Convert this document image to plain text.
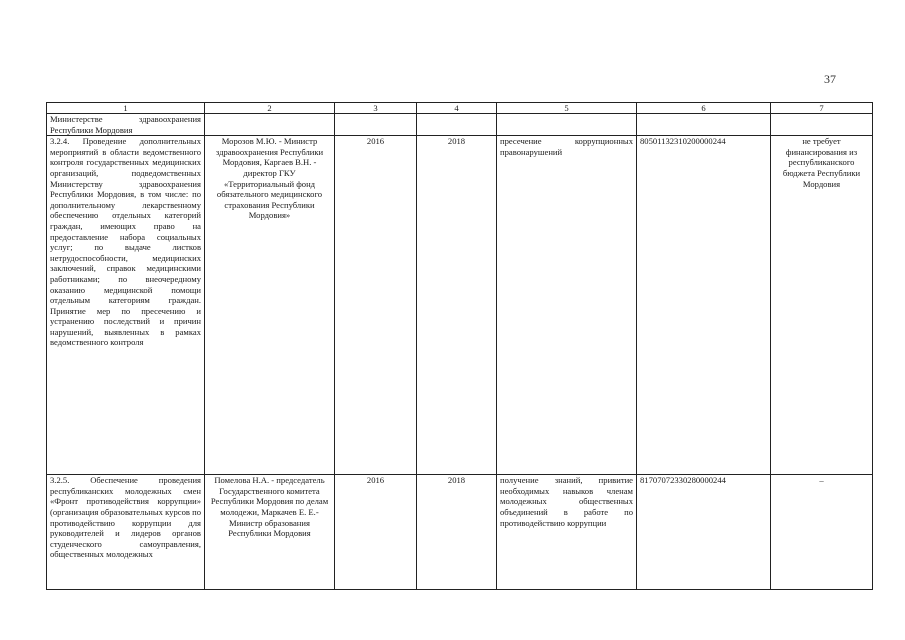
37
1	2	3	4	5	6	7
Министерстве здравоохранения Республики Мордовия						
3.2.4. Проведение дополнительных мероприятий в области ведомственного контроля государственных медицинских организаций, подведомственных Министерству здравоохранения Республики Мордовия, в том числе: по дополнительному лекарственному обеспечению отдельных категорий граждан, имеющих право на предоставление набора социальных услуг; по выдаче листков нетрудоспособности, медицинских заключений, справок медицинскими работниками; по внеочередному оказанию медицинской помощи отдельным категориям граждан. Принятие мер по пресечению и устранению последствий и причин нарушений, выявленных в рамках ведомственного контроля	Морозов М.Ю. - Министр здравоохранения Республики Мордовия, Каргаев В.Н. - директор ГКУ «Территориальный фонд обязательного медицинского страхования Республики Мордовия»	2016	2018	пресечение коррупционных правонарушений	80501132310200000244	не требует финансирования из республиканского бюджета Республики Мордовия
3.2.5. Обеспечение проведения республиканских молодежных смен «Фронт противодействия коррупции» (организация образовательных курсов по противодействию коррупции для руководителей и лидеров органов студенческого самоуправления, общественных молодежных	Помелова Н.А. - председатель Государственного комитета Республики Мордовия по делам молодежи, Маркачев Е. Е.- Министр образования Республики Мордовия	2016	2018	получение знаний, привитие необходимых навыков членам молодежных общественных объединений в работе по противодействию коррупции	81707072330280000244	–
